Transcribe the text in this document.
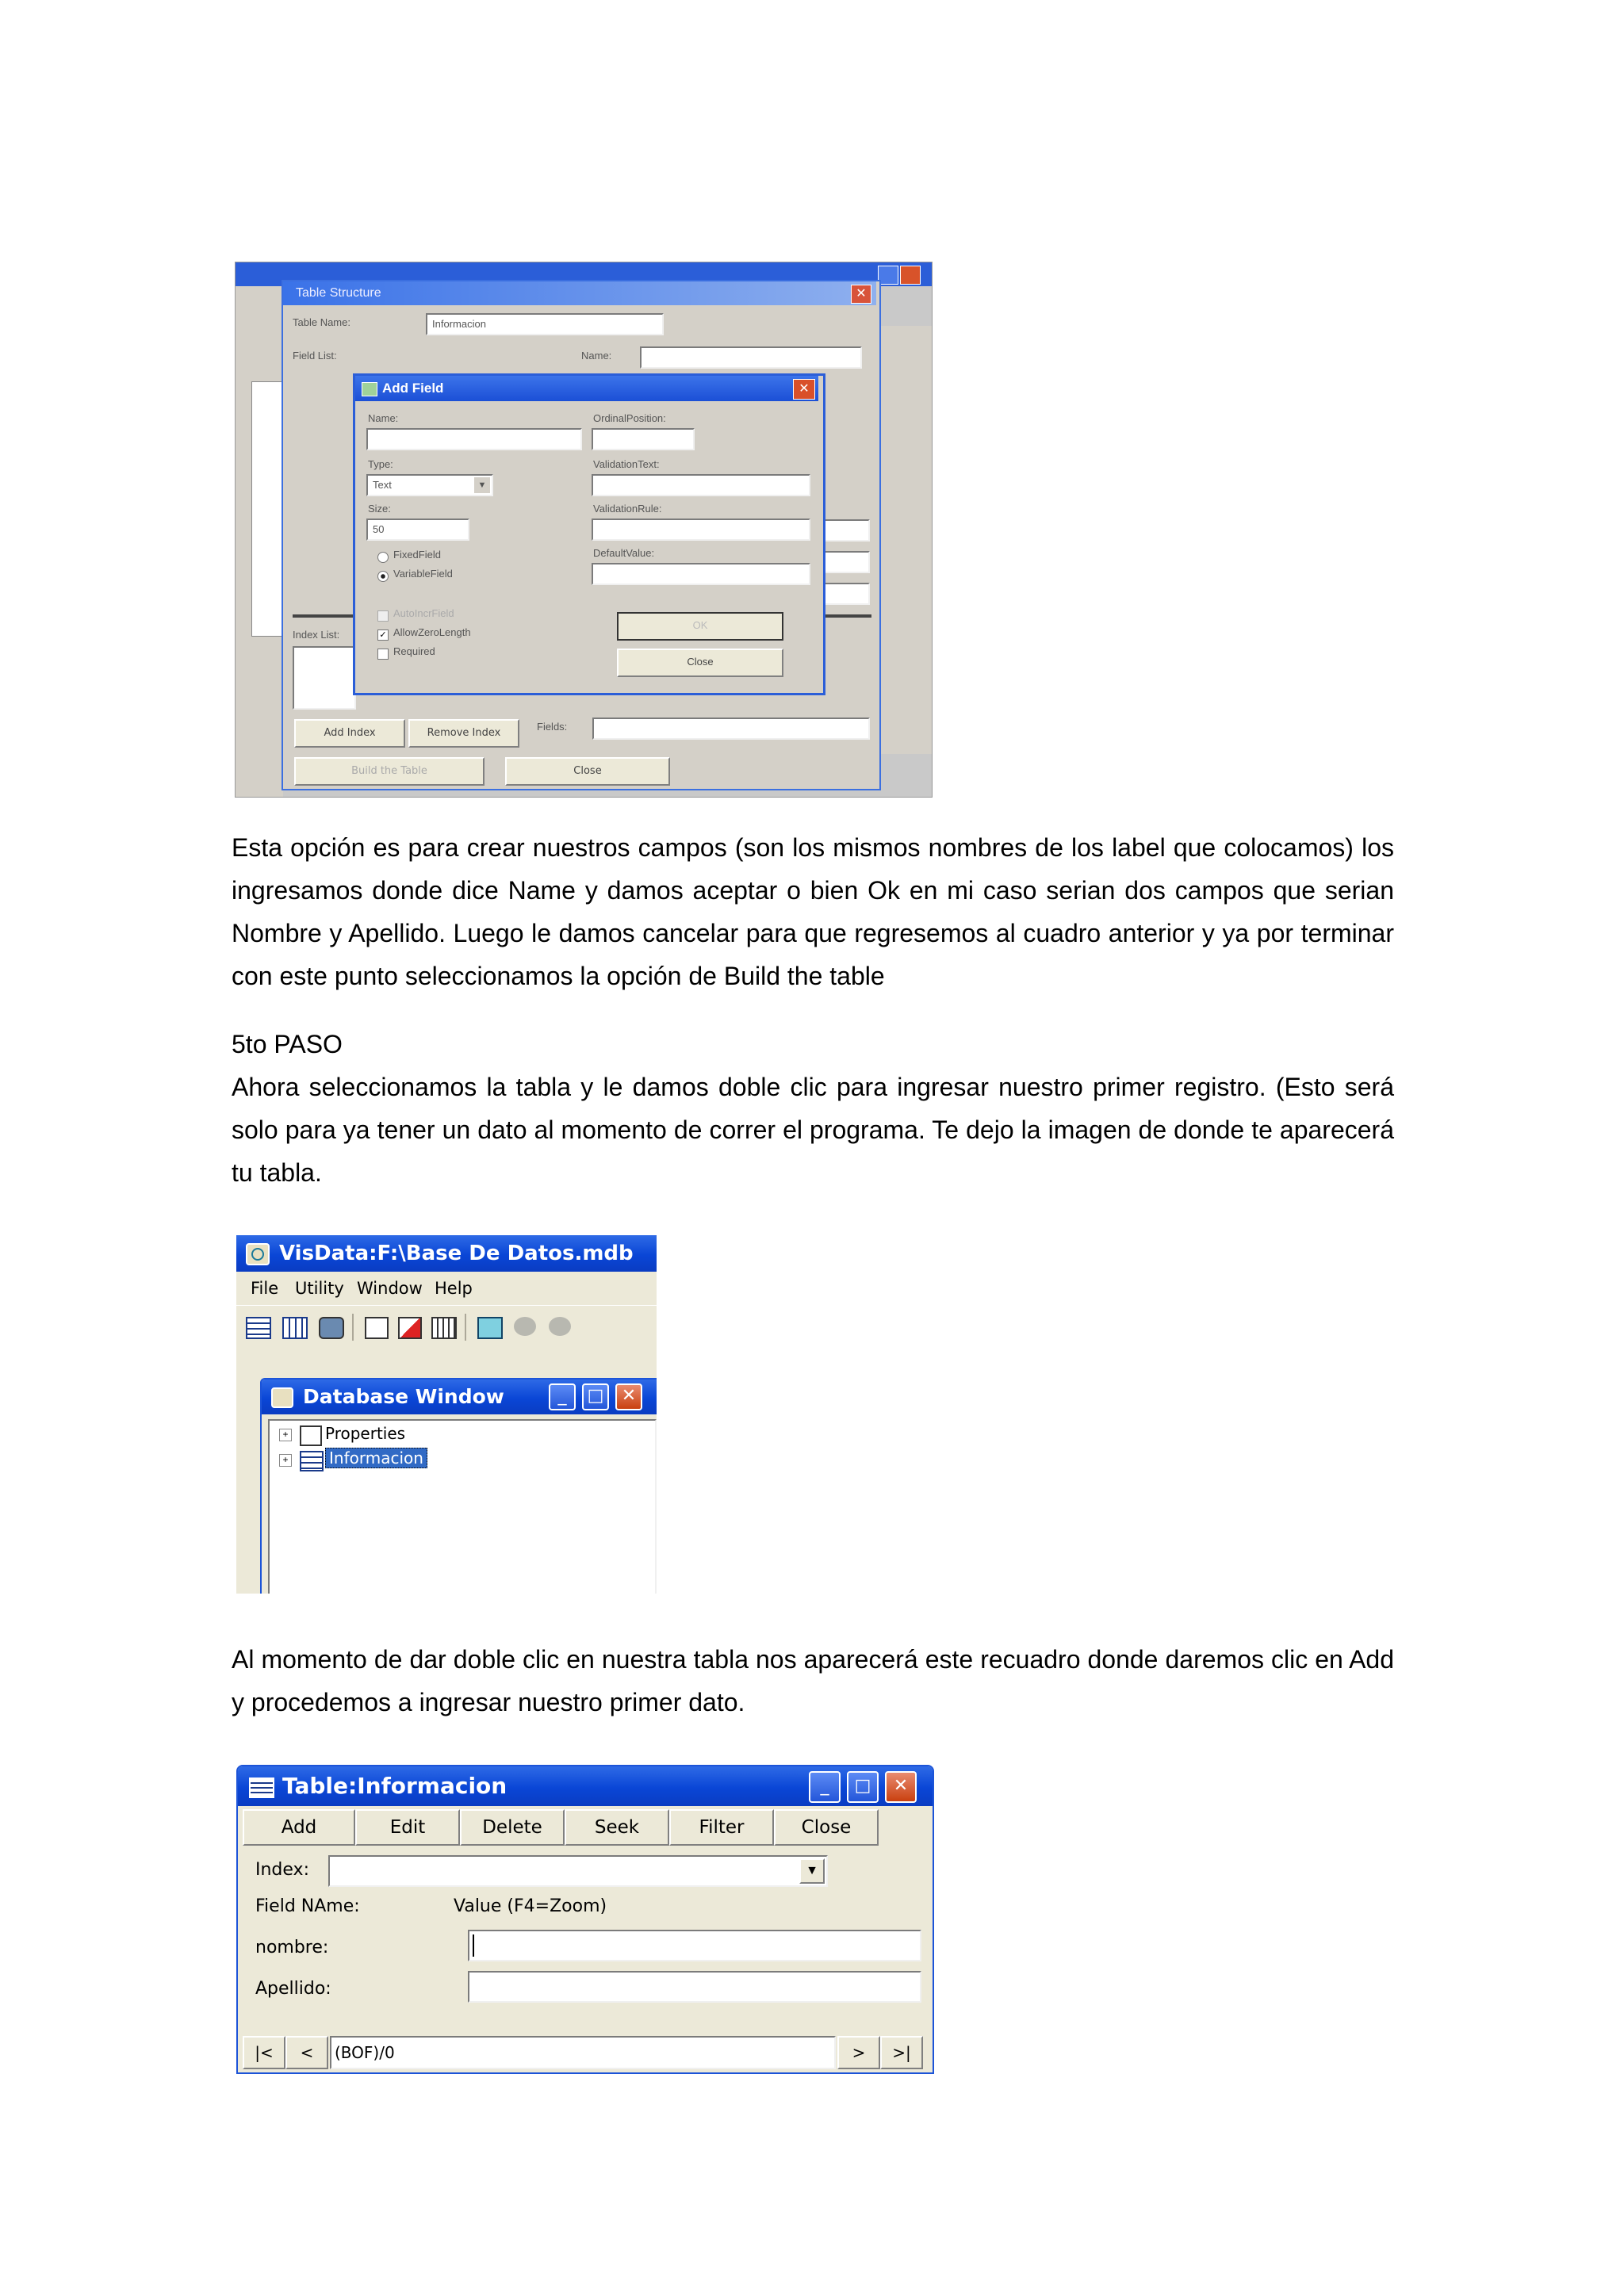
Table Structure	✕
Table Name:	Informacion
Field List:	Name:
Index List:
Add Index	Remove Index
Fields:
Build the Table	Close
Add Field	✕
Name:
Type:
Text	▼
Size:
50
FixedField
VariableField
AutoIncrField
✓ AllowZeroLength
Required
OrdinalPosition:
ValidationText:
ValidationRule:
DefaultValue:
OK
Close

Esta opción es para crear nuestros campos (son los mismos nombres de los label que colocamos) los ingresamos donde dice Name y damos aceptar o bien Ok en mi caso serian dos campos que serian Nombre y Apellido. Luego le damos cancelar para que regresemos al cuadro anterior y ya por terminar con este punto seleccionamos la opción de Build the table

5to PASO

Ahora seleccionamos la tabla y le damos doble clic para ingresar nuestro primer registro. (Esto será solo para ya tener un dato al momento de correr el programa. Te dejo la imagen de donde te aparecerá tu tabla.

Al momento de dar doble clic en nuestra tabla nos aparecerá este recuadro donde daremos clic en Add y procedemos a ingresar nuestro primer dato.

VisData:F:\Base De Datos.mdb
File Utility Window Help
Database Window	_	□	✕
+ Properties
+	Informacion
Table:Informacion	_	□	✕
Add	Edit	Delete	Seek	Filter	Close
Index:	▼
Field NAme:	Value (F4=Zoom)
nombre:
Apellido:
|<	<	(BOF)/0	>	>|
